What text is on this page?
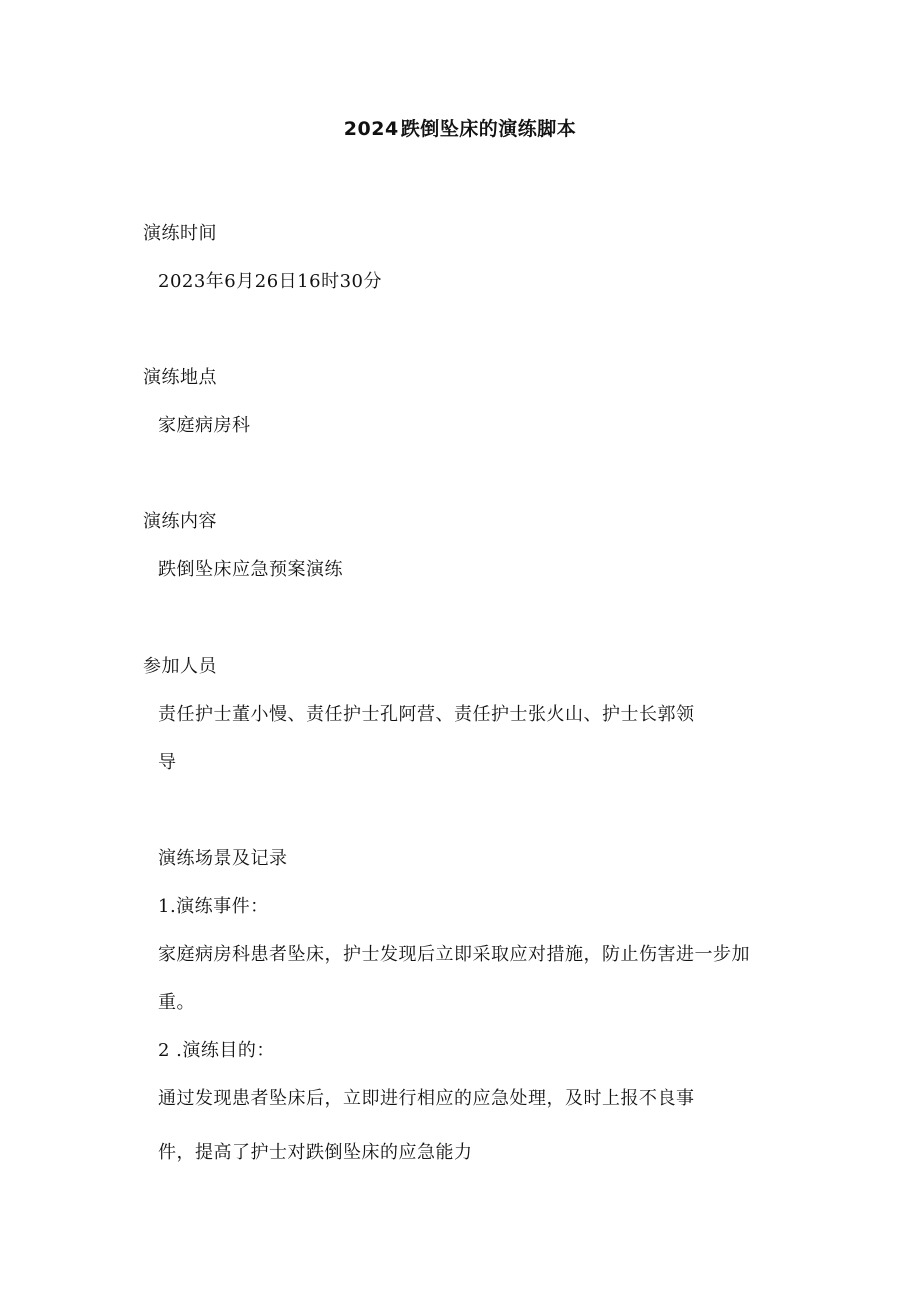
2024 跌倒坠床的演练脚本
演练时间
2023年6月26日16时30分
演练地点
家庭病房科
演练内容
跌倒坠床应急预案演练
参加人员
责任护士董小慢、责任护士孔阿营、责任护士张火山、护士长郭领
导
演练场景及记录
1.演练事件：
家庭病房科患者坠床，护士发现后立即采取应对措施，防止伤害进一步加
重。
2 .演练目的：
通过发现患者坠床后，立即进行相应的应急处理，及时上报不良事
件，提高了护士对跌倒坠床的应急能力
